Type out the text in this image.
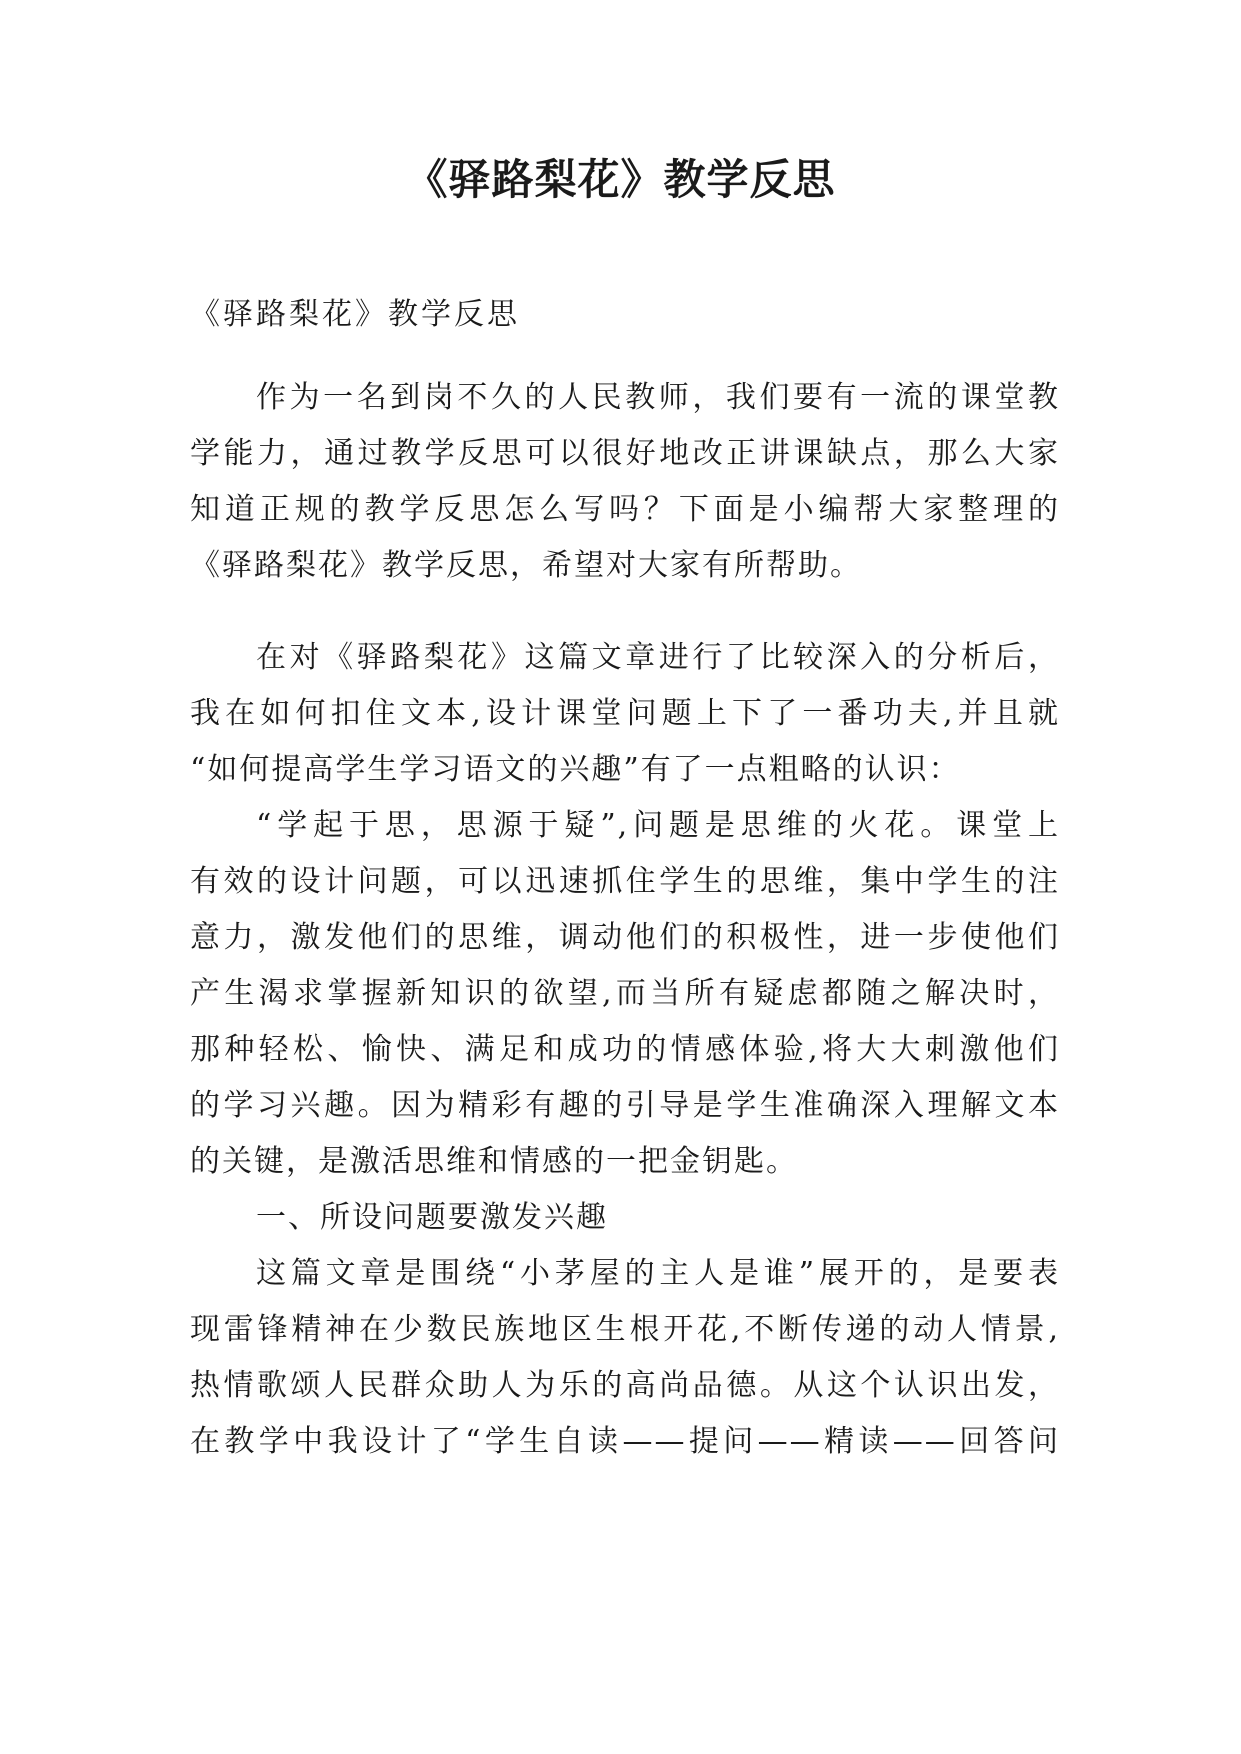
《驿路梨花》教学反思

《驿路梨花》教学反思

作为一名到岗不久的人民教师，我们要有一流的课堂教
学能力，通过教学反思可以很好地改正讲课缺点，那么大家
知道正规的教学反思怎么写吗？下面是小编帮大家整理的
《驿路梨花》教学反思，希望对大家有所帮助。
在对《驿路梨花》这篇文章进行了比较深入的分析后，
我在如何扣住文本,设计课堂问题上下了一番功夫,并且就
“如何提高学生学习语文的兴趣”有了一点粗略的认识：
“学起于思，思源于疑”,问题是思维的火花。课堂上
有效的设计问题，可以迅速抓住学生的思维，集中学生的注
意力，激发他们的思维，调动他们的积极性，进一步使他们
产生渴求掌握新知识的欲望,而当所有疑虑都随之解决时，
那种轻松、愉快、满足和成功的情感体验,将大大刺激他们
的学习兴趣。因为精彩有趣的引导是学生准确深入理解文本
的关键，是激活思维和情感的一把金钥匙。
一、所设问题要激发兴趣
这篇文章是围绕“小茅屋的主人是谁”展开的，是要表
现雷锋精神在少数民族地区生根开花,不断传递的动人情景,
热情歌颂人民群众助人为乐的高尚品德。从这个认识出发，
在教学中我设计了“学生自读——提问——精读——回答问
